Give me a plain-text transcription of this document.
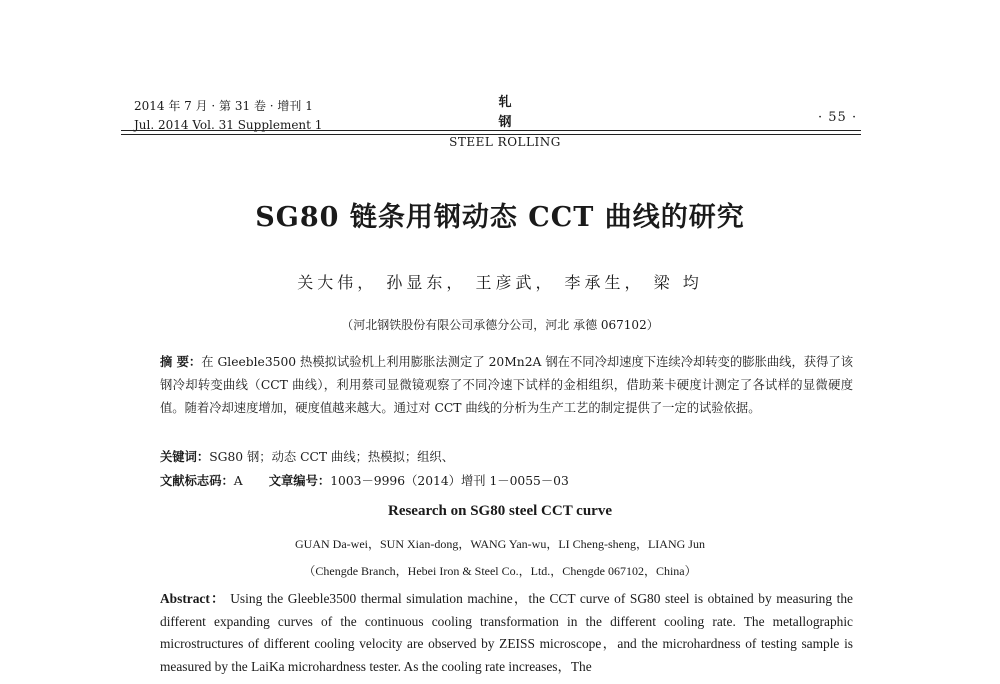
2014 年 7 月 · 第 31 卷 · 增刊 1
Jul. 2014 Vol. 31 Supplement 1
轧 钢
STEEL ROLLING
· 55 ·
SG80 链条用钢动态 CCT 曲线的研究
关大伟， 孙显东， 王彦武， 李承生， 梁 均
（河北钢铁股份有限公司承德分公司，河北 承德 067102）
摘 要：在 Gleeble3500 热模拟试验机上利用膨胀法测定了 20Mn2A 钢在不同冷却速度下连续冷却转变的膨胀曲线，获得了该钢冷却转变曲线（CCT 曲线），利用蔡司显微镜观察了不同冷速下试样的金相组织，借助莱卡硬度计测定了各试样的显微硬度值。随着冷却速度增加，硬度值越来越大。通过对 CCT 曲线的分析为生产工艺的制定提供了一定的试验依据。
关键词：SG80 钢；动态 CCT 曲线；热模拟；组织、
文献标志码：A 文章编号：1003－9996（2014）增刊 1－0055－03
Research on SG80 steel CCT curve
GUAN Da-wei，SUN Xian-dong，WANG Yan-wu，LI Cheng-sheng，LIANG Jun
（Chengde Branch，Hebei Iron & Steel Co.，Ltd.，Chengde 067102，China）
Abstract： Using the Gleeble3500 thermal simulation machine，the CCT curve of SG80 steel is obtained by measuring the different expanding curves of the continuous cooling transformation in the different cooling rate. The metallographic microstructures of different cooling velocity are observed by ZEISS microscope，and the microhardness of testing sample is measured by the LaiKa microhardness tester. As the cooling rate increases，The
